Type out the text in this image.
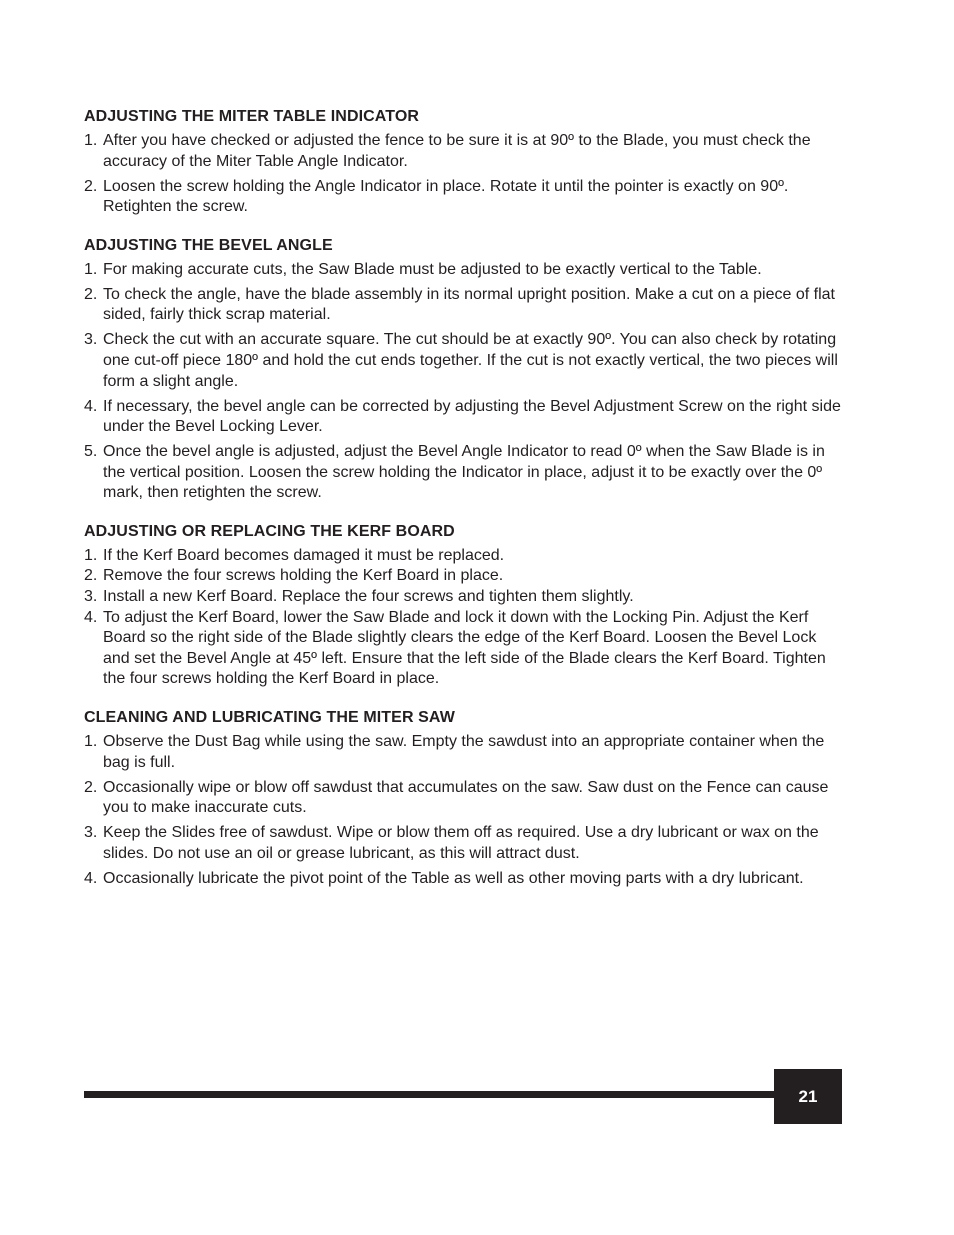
ADJUSTING THE MITER TABLE INDICATOR
1. After you have checked or adjusted the fence to be sure it is at 90º to the Blade, you must check the accuracy of the Miter Table Angle Indicator.
2. Loosen the screw holding the Angle Indicator in place. Rotate it until the pointer is exactly on 90º. Retighten the screw.
ADJUSTING THE BEVEL ANGLE
1. For making accurate cuts, the Saw Blade must be adjusted to be exactly vertical to the Table.
2. To check the angle, have the blade assembly in its normal upright position. Make a cut on a piece of flat sided, fairly thick scrap material.
3. Check the cut with an accurate square. The cut should be at exactly 90º. You can also check by rotating one cut-off piece 180º and hold the cut ends together. If the cut is not exactly vertical, the two pieces will form a slight angle.
4. If necessary, the bevel angle can be corrected by adjusting the Bevel Adjustment Screw on the right side under the Bevel Locking Lever.
5. Once the bevel angle is adjusted, adjust the Bevel Angle Indicator to read 0º when the Saw Blade is in the vertical position. Loosen the screw holding the Indicator in place, adjust it to be exactly over the 0º mark, then retighten the screw.
ADJUSTING OR REPLACING THE KERF BOARD
1. If the Kerf Board becomes damaged it must be replaced.
2. Remove the four screws holding the Kerf Board in place.
3. Install a new Kerf Board. Replace the four screws and tighten them slightly.
4. To adjust the Kerf Board, lower the Saw Blade and lock it down with the Locking Pin. Adjust the Kerf Board so the right side of the Blade slightly clears the edge of the Kerf Board. Loosen the Bevel Lock and set the Bevel Angle at 45º left. Ensure that the left side of the Blade clears the Kerf Board. Tighten the four screws holding the Kerf Board in place.
CLEANING AND LUBRICATING THE MITER SAW
1. Observe the Dust Bag while using the saw. Empty the sawdust into an appropriate container when the bag is full.
2. Occasionally wipe or blow off sawdust that accumulates on the saw. Saw dust on the Fence can cause you to make inaccurate cuts.
3. Keep the Slides free of sawdust. Wipe or blow them off as required. Use a dry lubricant or wax on the slides. Do not use an oil or grease lubricant, as this will attract dust.
4. Occasionally lubricate the pivot point of the Table as well as other moving parts with a dry lubricant.
21
